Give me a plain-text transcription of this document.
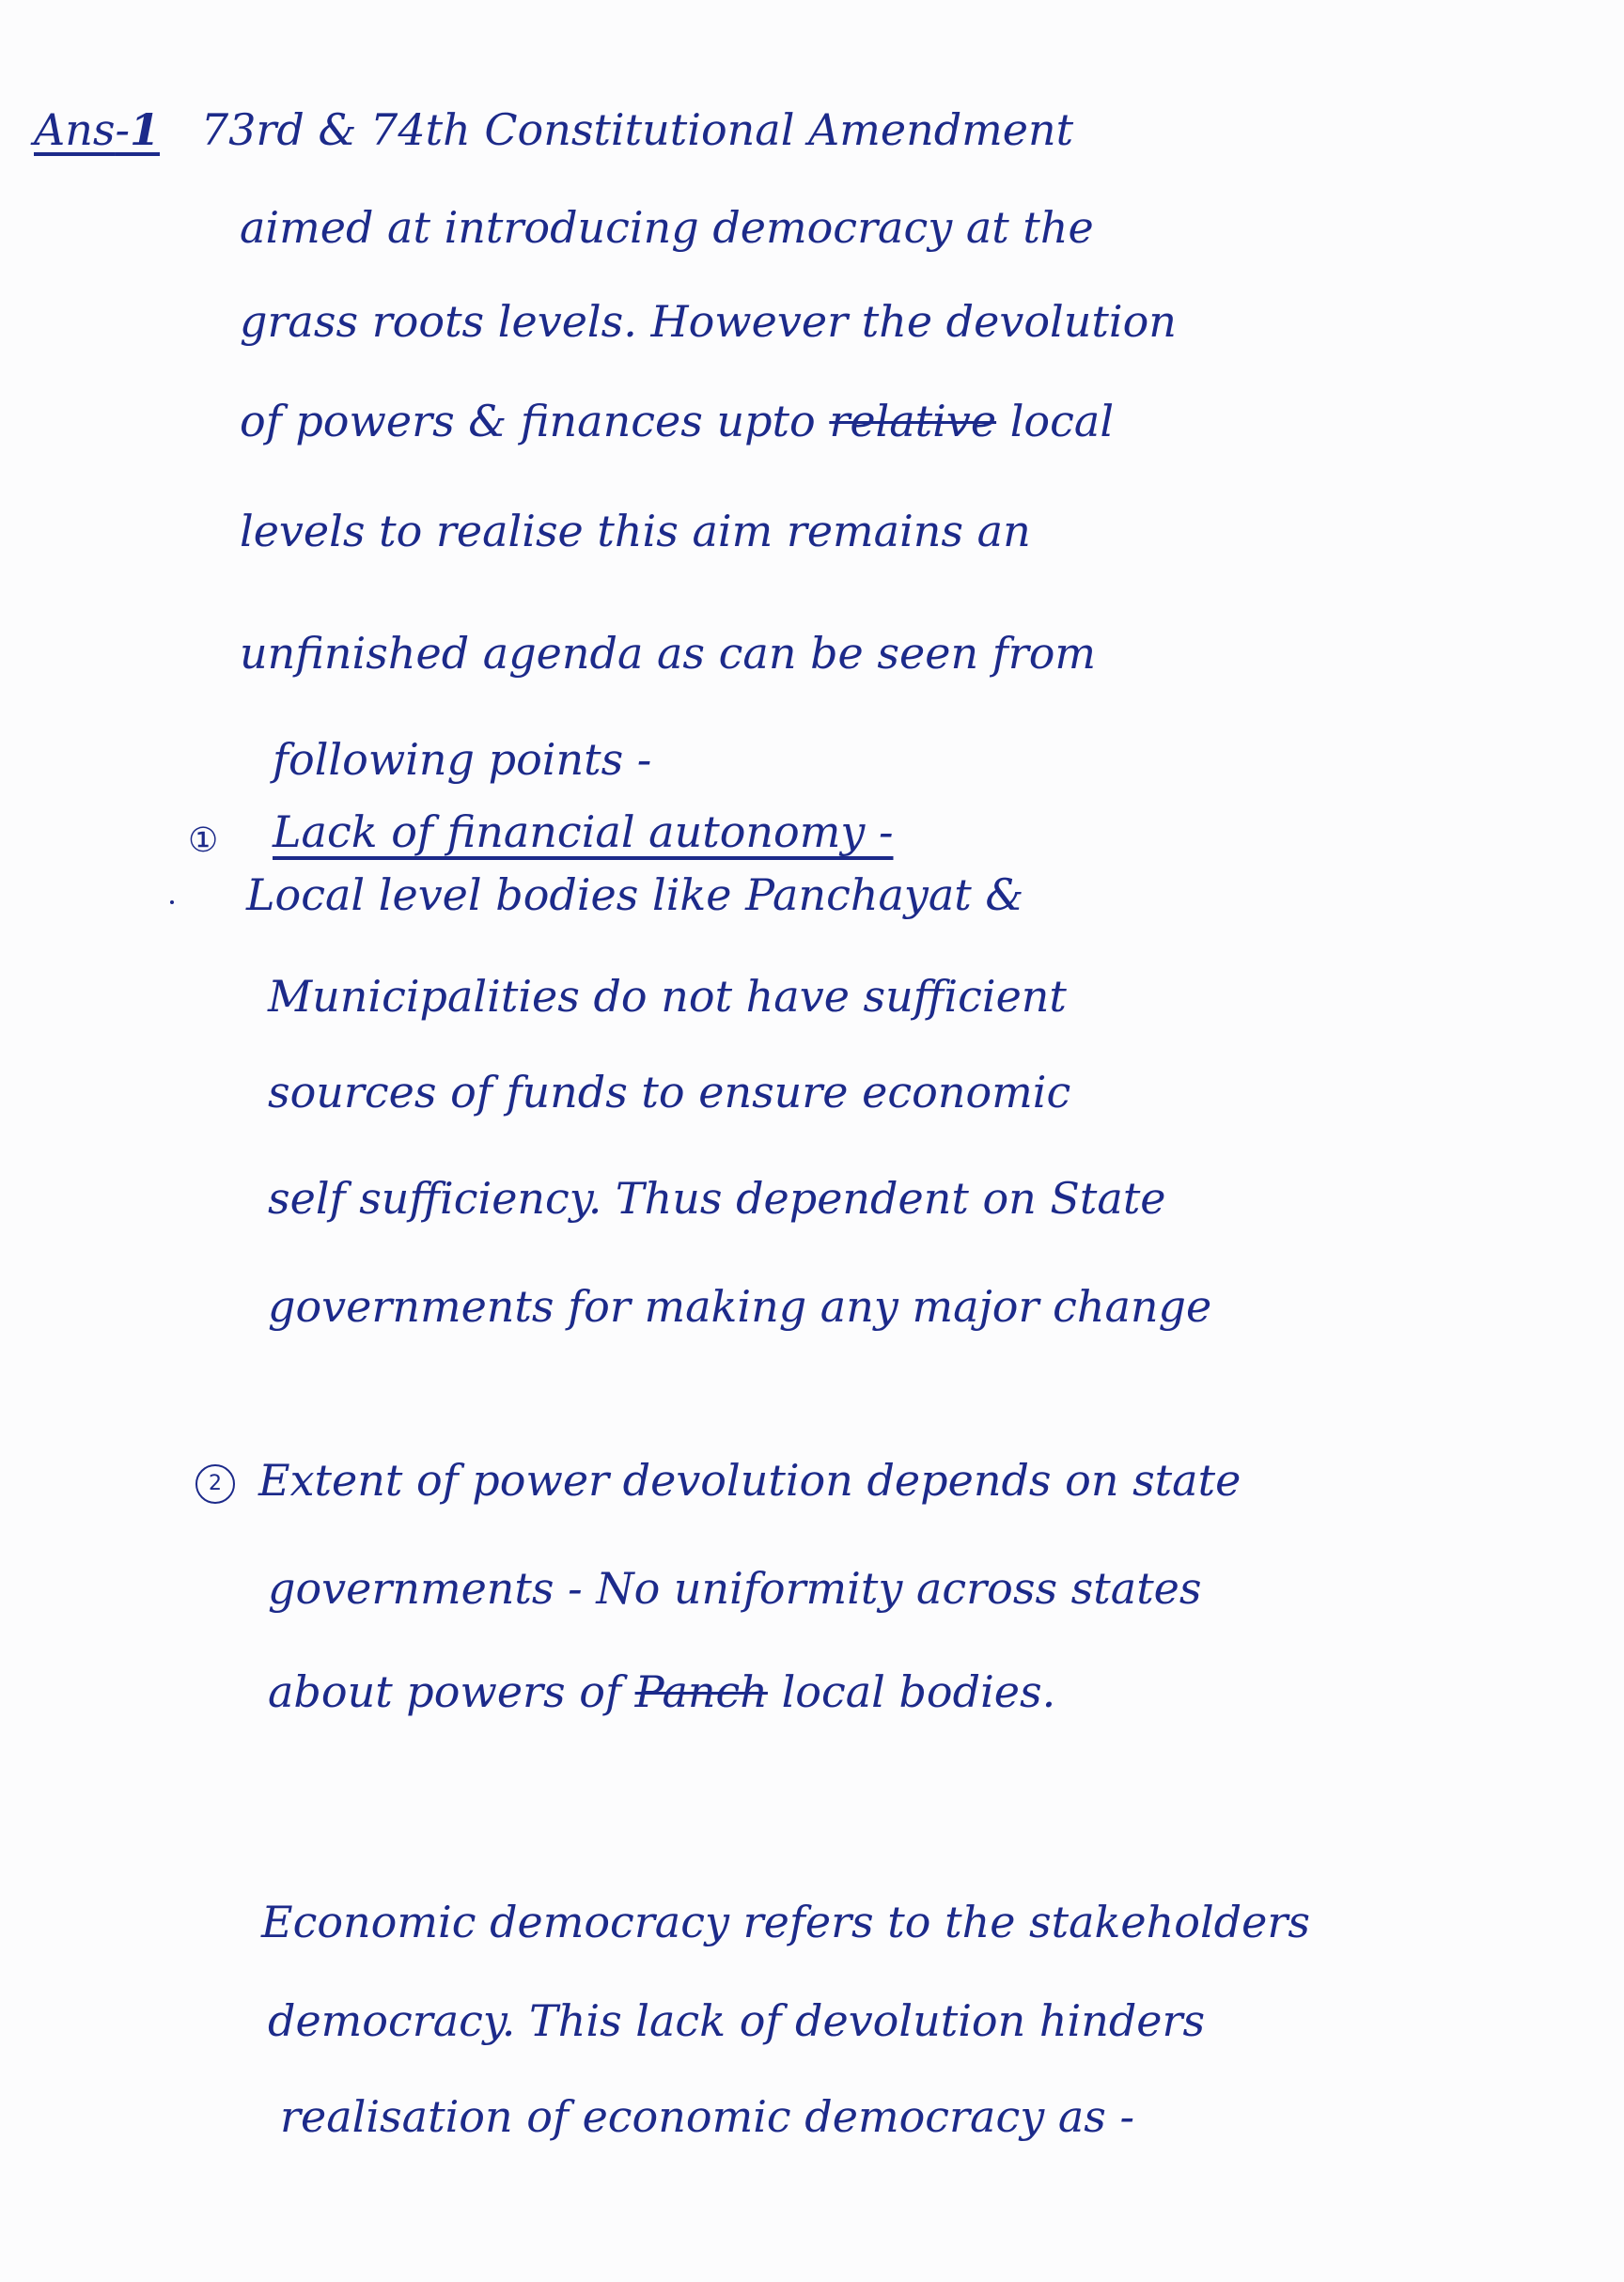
Ans-1 73rd & 74th Constitutional Amendment
aimed at introducing democracy at the
grass roots levels. However the devolution
of powers & finances upto relative local
levels to realise this aim remains an
unfinished agenda as can be seen from
following points -
① Lack of financial autonomy -
Local level bodies like Panchayat &
Municipalities do not have sufficient
sources of funds to ensure economic
self sufficiency. Thus dependent on State
governments for making any major change
2 Extent of power devolution depends on state
governments - No uniformity across states
about powers of Panch local bodies.
Economic democracy refers to the stakeholders
democracy. This lack of devolution hinders
realisation of economic democracy as -
